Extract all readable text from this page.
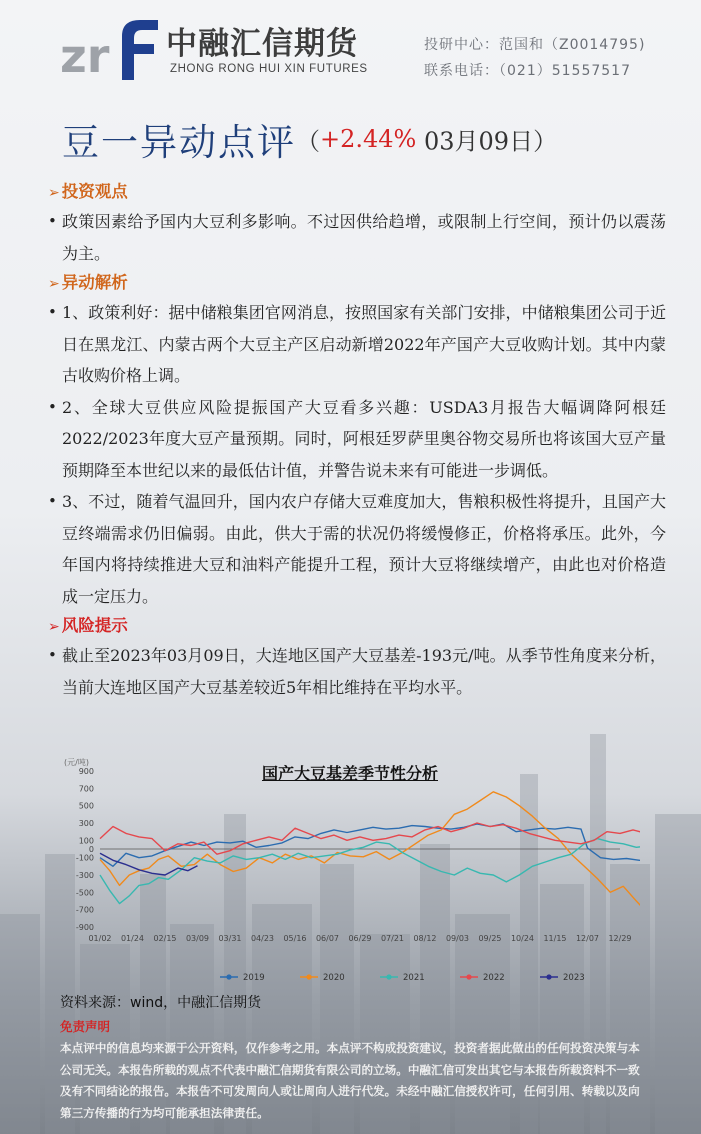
zr 中融汇信期货
ZHONG RONG HUI XIN FUTURES
投研中心：范国和（Z0014795)
联系电话：（021）51557517
豆一异动点评（+2.44% 03月09日）
➢ 投资观点
• 政策因素给予国内大豆利多影响。不过因供给趋增，或限制上行空间，预计仍以震荡为主。
➢ 异动解析
• 1、政策利好：据中储粮集团官网消息，按照国家有关部门安排，中储粮集团公司于近日在黑龙江、内蒙古两个大豆主产区启动新增2022年产国产大豆收购计划。其中内蒙古收购价格上调。
• 2、全球大豆供应风险提振国产大豆看多兴趣：USDA3月报告大幅调降阿根廷2022/2023年度大豆产量预期。同时，阿根廷罗萨里奥谷物交易所也将该国大豆产量预期降至本世纪以来的最低估计值，并警告说未来有可能进一步调低。
• 3、不过，随着气温回升，国内农户存储大豆难度加大，售粮积极性将提升，且国产大豆终端需求仍旧偏弱。由此，供大于需的状况仍将缓慢修正，价格将承压。此外，今年国内将持续推进大豆和油料产能提升工程，预计大豆将继续增产，由此也对价格造成一定压力。
➢ 风险提示
• 截止至2023年03月09日，大连地区国产大豆基差-193元/吨。从季节性角度来分析，当前大连地区国产大豆基差较近5年相比维持在平均水平。
(元/吨)
900
700
500
300
100
0
-100
-300
-500
-700
-900
01/02 01/24 02/15 03/09 03/31 04/23 05/16 06/07 06/29 07/21 08/12 09/03 09/25 10/24 11/15 12/07 12/29
2019	2020	2021	2022	2023
国产大豆基差季节性分析
资料来源：wind，中融汇信期货
免责声明
本点评中的信息均来源于公开资料，仅作参考之用。本点评不构成投资建议，投资者据此做出的任何投资决策与本公司无关。本报告所载的观点不代表中融汇信期货有限公司的立场。中融汇信可发出其它与本报告所载资料不一致及有不同结论的报告。本报告不可发周向人或让周向人进行代发。未经中融汇信授权许可，任何引用、转载以及向第三方传播的行为均可能承担法律责任。
